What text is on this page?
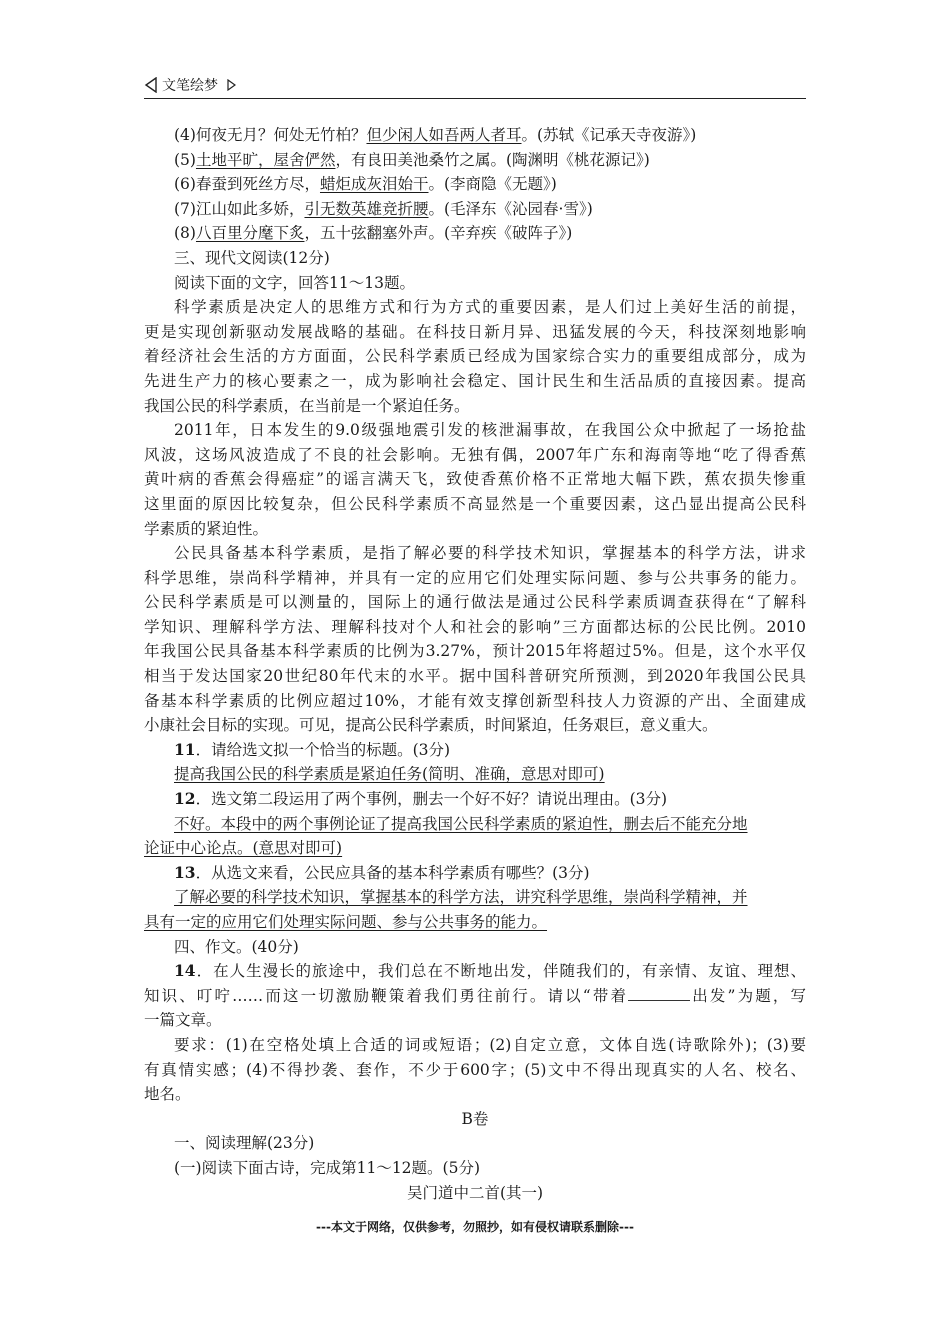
文笔绘梦
(4)何夜无月？何处无竹柏？但少闲人如吾两人者耳。(苏轼《记承天寺夜游》)
(5)土地平旷，屋舍俨然，有良田美池桑竹之属。(陶渊明《桃花源记》)
(6)春蚕到死丝方尽，蜡炬成灰泪始干。(李商隐《无题》)
(7)江山如此多娇，引无数英雄竞折腰。(毛泽东《沁园春·雪》)
(8)八百里分麾下炙，五十弦翻塞外声。(辛弃疾《破阵子》)
三、现代文阅读(12分)
阅读下面的文字，回答11～13题。
科学素质是决定人的思维方式和行为方式的重要因素，是人们过上美好生活的前提，
更是实现创新驱动发展战略的基础。在科技日新月异、迅猛发展的今天，科技深刻地影响
着经济社会生活的方方面面，公民科学素质已经成为国家综合实力的重要组成部分，成为
先进生产力的核心要素之一，成为影响社会稳定、国计民生和生活品质的直接因素。提高
我国公民的科学素质，在当前是一个紧迫任务。
2011年，日本发生的9.0级强地震引发的核泄漏事故，在我国公众中掀起了一场抢盐
风波，这场风波造成了不良的社会影响。无独有偶，2007年广东和海南等地“吃了得香蕉
黄叶病的香蕉会得癌症”的谣言满天飞，致使香蕉价格不正常地大幅下跌，蕉农损失惨重
这里面的原因比较复杂，但公民科学素质不高显然是一个重要因素，这凸显出提高公民科
学素质的紧迫性。
公民具备基本科学素质，是指了解必要的科学技术知识，掌握基本的科学方法，讲求
科学思维，崇尚科学精神，并具有一定的应用它们处理实际问题、参与公共事务的能力。
公民科学素质是可以测量的，国际上的通行做法是通过公民科学素质调查获得在“了解科
学知识、理解科学方法、理解科技对个人和社会的影响”三方面都达标的公民比例。2010
年我国公民具备基本科学素质的比例为3.27%，预计2015年将超过5%。但是，这个水平仅
相当于发达国家20世纪80年代末的水平。据中国科普研究所预测，到2020年我国公民具
备基本科学素质的比例应超过10%，才能有效支撑创新型科技人力资源的产出、全面建成
小康社会目标的实现。可见，提高公民科学素质，时间紧迫，任务艰巨，意义重大。
11．请给选文拟一个恰当的标题。(3分)
提高我国公民的科学素质是紧迫任务(简明、准确，意思对即可)
12．选文第二段运用了两个事例，删去一个好不好？请说出理由。(3分)
不好。本段中的两个事例论证了提高我国公民科学素质的紧迫性，删去后不能充分地
论证中心论点。(意思对即可)
13．从选文来看，公民应具备的基本科学素质有哪些？(3分)
了解必要的科学技术知识，掌握基本的科学方法，讲究科学思维，崇尚科学精神，并
具有一定的应用它们处理实际问题、参与公共事务的能力。
四、作文。(40分)
14．在人生漫长的旅途中，我们总在不断地出发，伴随我们的，有亲情、友谊、理想、
知识、叮咛……而这一切激励鞭策着我们勇往前行。请以“带着	出发”为题，写
一篇文章。
要求：(1)在空格处填上合适的词或短语；(2)自定立意，文体自选(诗歌除外)；(3)要
有真情实感；(4)不得抄袭、套作，不少于600字；(5)文中不得出现真实的人名、校名、
地名。
B卷
一、阅读理解(23分)
(一)阅读下面古诗，完成第11～12题。(5分)
吴门道中二首(其一)
---本文于网络，仅供参考，勿照抄，如有侵权请联系删除---
